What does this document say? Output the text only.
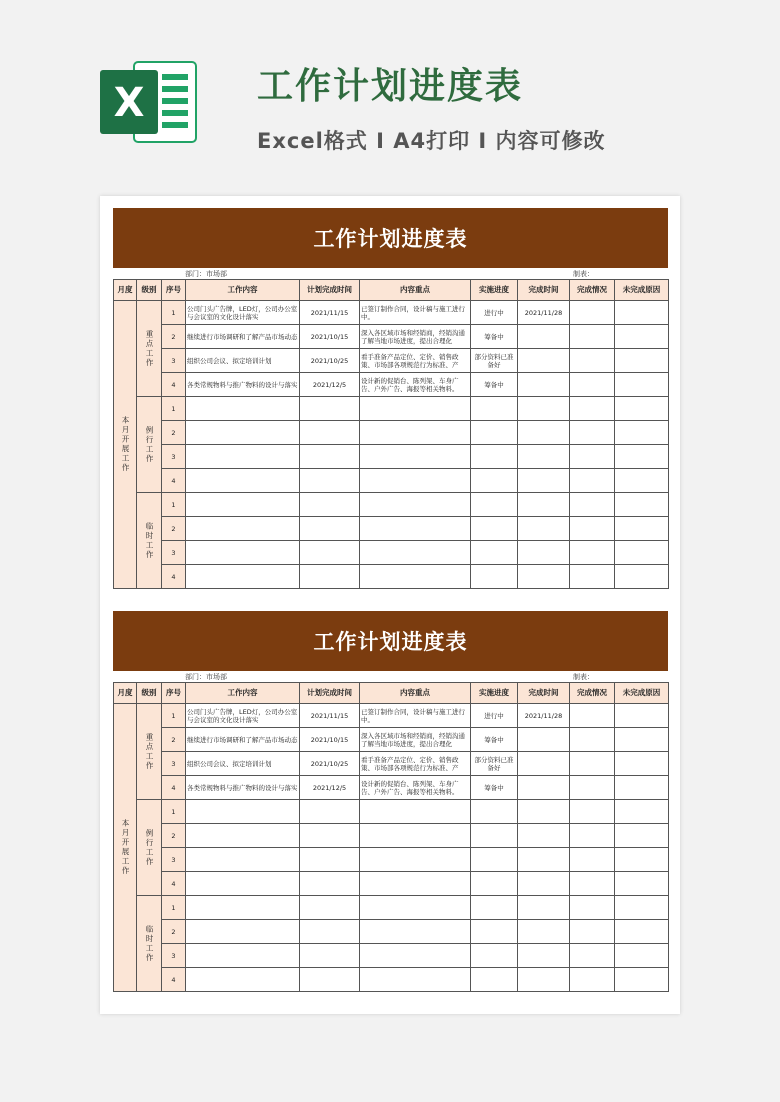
X	工作计划进度表
Excel格式 I A4打印 I 内容可修改
工作计划进度表
部门：市场部	制表：
月度	级别	序号	工作内容	计划完成时间	内容重点	实施进度	完成时间	完成情况	未完成原因

本月开展工作	重点工作	1	公司门头广告牌，LED灯，公司办公室与会议室的文化设计落实	2021/11/15	已签订制作合同，设计稿与施工进行中。	进行中	2021/11/28		
		2	继续进行市场调研和了解产品市场动态	2021/10/15	深入各区域市场和经销商，经销沟通了解当地市场进度，提出合理化	筹备中			
		3	组织公司会议、拟定培训计划	2021/10/25	看手准备产品定位、定价、销售政策、市场部各项规范行为标准、产	部分资料已准备好			
		4	各类常规物料与推广物料的设计与落实	2021/12/5	设计新的促销台、陈列架、车身广告、户外广告、海报等相关物料。	筹备中			

	例行工作	1							
		2							
		3							
		4							

	临时工作	1							
		2							
		3							
		4							
工作计划进度表
部门：市场部	制表：
月度	级别	序号	工作内容	计划完成时间	内容重点	实施进度	完成时间	完成情况	未完成原因

本月开展工作	重点工作	1	公司门头广告牌，LED灯，公司办公室与会议室的文化设计落实	2021/11/15	已签订制作合同，设计稿与施工进行中。	进行中	2021/11/28		
		2	继续进行市场调研和了解产品市场动态	2021/10/15	深入各区域市场和经销商，经销沟通了解当地市场进度，提出合理化	筹备中			
		3	组织公司会议、拟定培训计划	2021/10/25	看手准备产品定位、定价、销售政策、市场部各项规范行为标准、产	部分资料已准备好			
		4	各类常规物料与推广物料的设计与落实	2021/12/5	设计新的促销台、陈列架、车身广告、户外广告、海报等相关物料。	筹备中			

	例行工作	1							
		2							
		3							
		4							

	临时工作	1							
		2							
		3							
		4							
